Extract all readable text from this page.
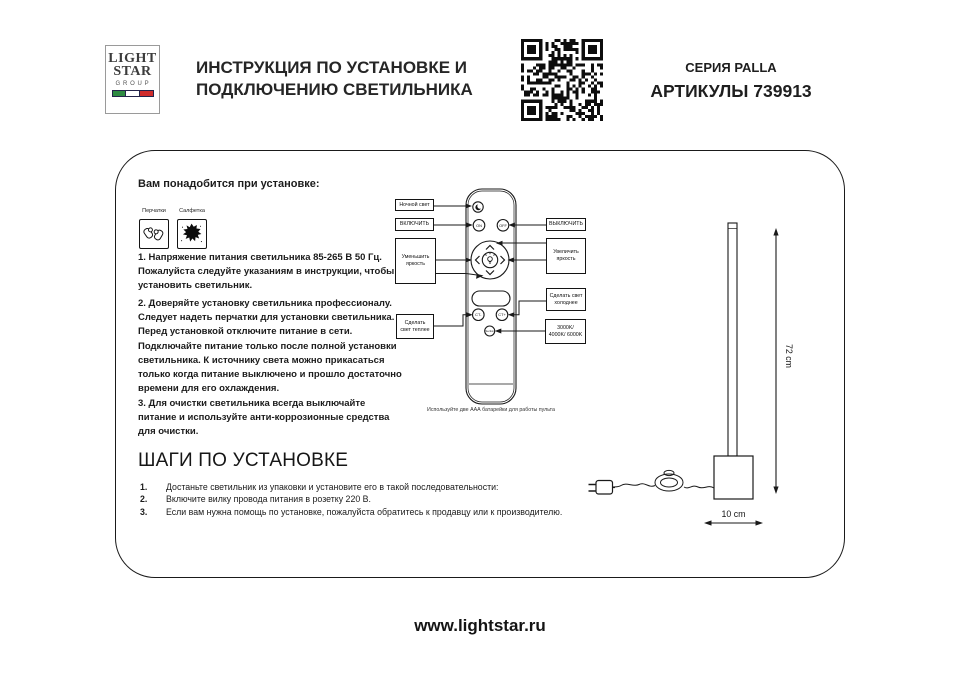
LIGHT
STAR
GROUP
ИНСТРУКЦИЯ ПО УСТАНОВКЕ И
ПОДКЛЮЧЕНИЮ СВЕТИЛЬНИКА
СЕРИЯ PALLA
АРТИКУЛЫ 739913
ON	OFF
CT-	CT+
Section
72 cm
10 cm
Ночной свет
ВКЛЮЧИТЬ
Уменьшить яркость
Сделать свет теплее
ВЫКЛЮЧИТЬ
Увеличить яркость
Сделать свет холоднее
3000K/ 4000K/ 6000K
Используйте две ААА батарейки для работы пульта
Вам понадобится при установке:
Перчатки	Салфетка

1. Напряжение питания светильника 85-265 В 50 Гц. Пожалуйста следуйте указаниям в инструкции, чтобы установить светильник.

2. Доверяйте установку светильника профессионалу. Следует надеть перчатки для установки светильника. Перед установкой отключите питание в сети. Подключайте питание только после полной установки светильника. К источнику света можно прикасаться только когда питание выключено и прошло достаточно времени для его охлаждения.

3. Для очистки светильника всегда выключайте питание и используйте анти-коррозионные средства для очистки.

ШАГИ ПО УСТАНОВКЕ
1.	Достаньте светильник из упаковки и установите его в такой последовательности:
2.	Включите вилку провода питания в розетку 220 В.
3.	Если вам нужна помощь по установке, пожалуйста обратитесь к продавцу или к производителю.
www.lightstar.ru
